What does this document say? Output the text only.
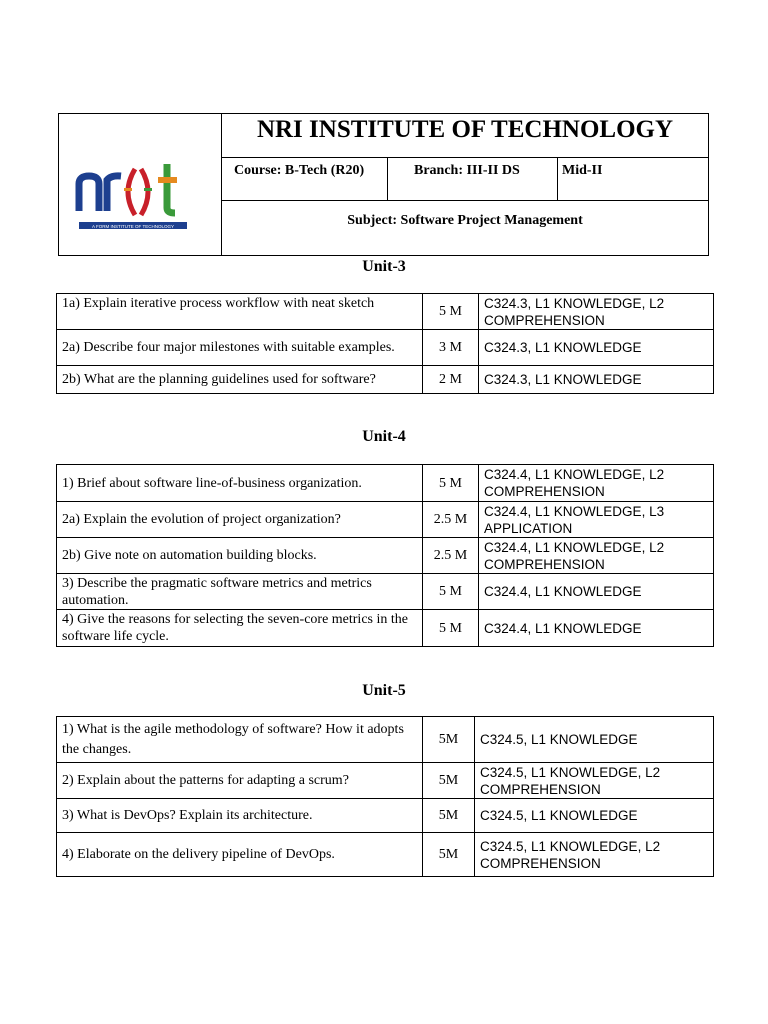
A FORM INSTITUTE OF TECHNOLOGY
NRI INSTITUTE OF TECHNOLOGY
Course: B-Tech (R20)	Branch: III-II DS	Mid-II
Subject: Software Project Management
Unit-3
1a) Explain iterative process workflow with neat sketch	5 M	C324.3, L1 KNOWLEDGE, L2 COMPREHENSION
2a) Describe four major milestones with suitable examples.	3 M	C324.3, L1 KNOWLEDGE
2b) What are the planning guidelines used for software?	2 M	C324.3, L1 KNOWLEDGE
Unit-4
1) Brief about software line-of-business organization.	5 M	C324.4, L1 KNOWLEDGE, L2 COMPREHENSION
2a) Explain the evolution of project organization?	2.5 M	C324.4, L1 KNOWLEDGE, L3 APPLICATION
2b) Give note on automation building blocks.	2.5 M	C324.4, L1 KNOWLEDGE, L2 COMPREHENSION
3) Describe the pragmatic software metrics and metrics automation.	5 M	C324.4, L1 KNOWLEDGE
4) Give the reasons for selecting the seven-core metrics in the software life cycle.	5 M	C324.4, L1 KNOWLEDGE
Unit-5
1) What is the agile methodology of software? How it adopts the changes.	5M	C324.5, L1 KNOWLEDGE
2) Explain about the patterns for adapting a scrum?	5M	C324.5, L1 KNOWLEDGE, L2 COMPREHENSION
3) What is DevOps? Explain its architecture.	5M	C324.5, L1 KNOWLEDGE
4) Elaborate on the delivery pipeline of DevOps.	5M	C324.5, L1 KNOWLEDGE, L2 COMPREHENSION
